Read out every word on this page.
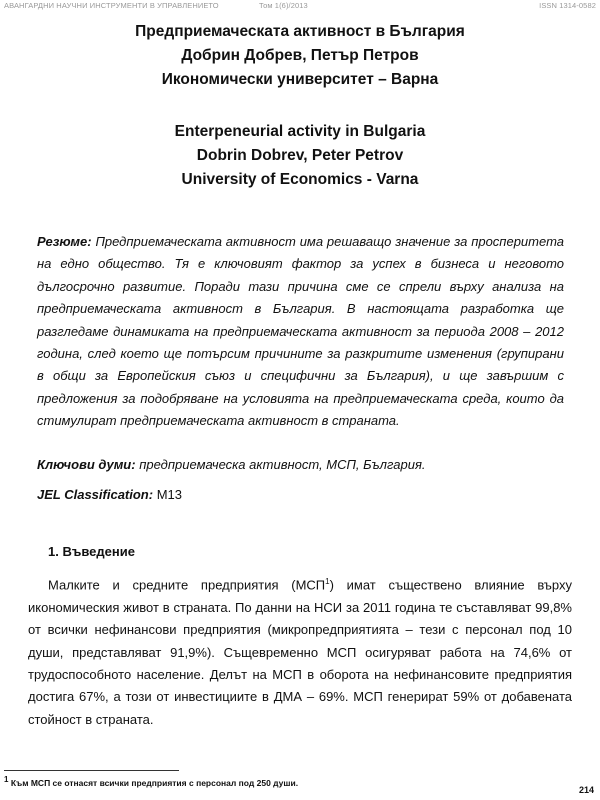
АВАНГАРДНИ НАУЧНИ ИНСТРУМЕНТИ В УПРАВЛЕНИЕТО	Том 1(6)/2013	ISSN 1314-0582
Предприемаческата активност в България
Добрин Добрев, Петър Петров
Икономически университет – Варна
Enterpeneurial activity in Bulgaria
Dobrin Dobrev, Peter Petrov
University of Economics - Varna
Резюме: Предприемаческата активност има решаващо значение за просперитета на едно общество. Тя е ключовият фактор за успех в бизнеса и неговото дългосрочно развитие. Поради тази причина сме се спрели върху анализа на предприемаческата активност в България. В настоящата разработка ще разгледаме динамиката на предприемаческата активност за периода 2008 – 2012 година, след което ще потърсим причините за разкритите изменения (групирани в общи за Европейския съюз и специфични за България), и ще завършим с предложения за подобряване на условията на предприемаческата среда, които да стимулират предприемаческата активност в страната.
Ключови думи: предприемаческа активност, МСП, България.
JEL Classification: M13
1. Въведение
Малките и средните предприятия (МСП$^1$) имат съществено влияние върху икономическия живот в страната. По данни на НСИ за 2011 година те съставляват 99,8% от всички нефинансови предприятия (микропредприятията – тези с персонал под 10 души, представляват 91,9%). Същевременно МСП осигуряват работа на 74,6% от трудоспособното население. Делът на МСП в оборота на нефинансовите предприятия достига 67%, а този от инвестициите в ДМА – 69%. МСП генерират 59% от добавената стойност в страната.
$^1$ Към МСП се отнасят всички предприятия с персонал под 250 души.
214
